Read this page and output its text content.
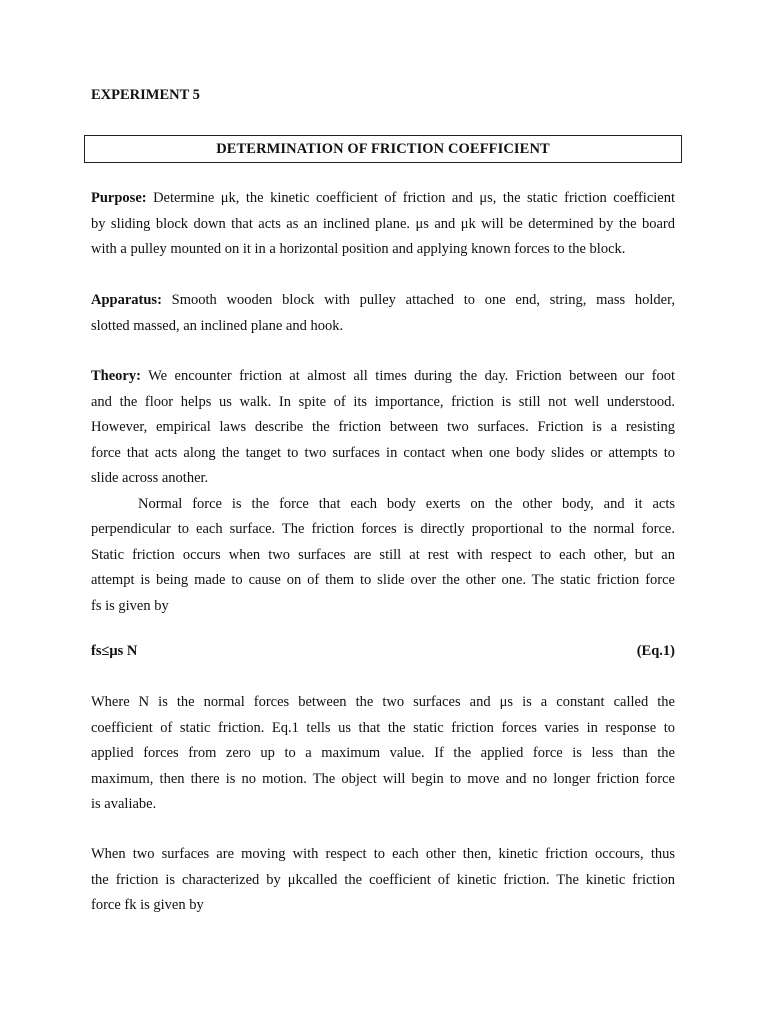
EXPERIMENT 5
DETERMINATION OF FRICTION COEFFICIENT
Purpose: Determine μk, the kinetic coefficient of friction and μs, the static friction coefficient
by sliding block down that acts as an inclined plane. μs and μk will be determined by the board
with a pulley mounted on it in a horizontal position and applying known forces to the block.
Apparatus: Smooth wooden block with pulley attached to one end, string, mass holder,
slotted massed, an inclined plane and hook.
Theory: We encounter friction at almost all times during the day. Friction between our foot
and the floor helps us walk. In spite of its importance, friction is still not well understood.
However, empirical laws describe the friction between two surfaces. Friction is a resisting
force that acts along the tanget to two surfaces in contact when one body slides or attempts to
slide across another.
Normal force is the force that each body exerts on the other body, and it acts
perpendicular to each surface. The friction forces is directly proportional to the normal force.
Static friction occurs when two surfaces are still at rest with respect to each other, but an
attempt is being made to cause on of them to slide over the other one. The static friction force
fs is given by
fs≤μs N	(Eq.1)
Where N is the normal forces between the two surfaces and μs is a constant called the
coefficient of static friction. Eq.1 tells us that the static friction forces varies in response to
applied forces from zero up to a maximum value. If the applied force is less than the
maximum, then there is no motion. The object will begin to move and no longer friction force
is avaliabe.
When two surfaces are moving with respect to each other then, kinetic friction occours, thus
the friction is characterized by μkcalled the coefficient of kinetic friction. The kinetic friction
force fk is given by
